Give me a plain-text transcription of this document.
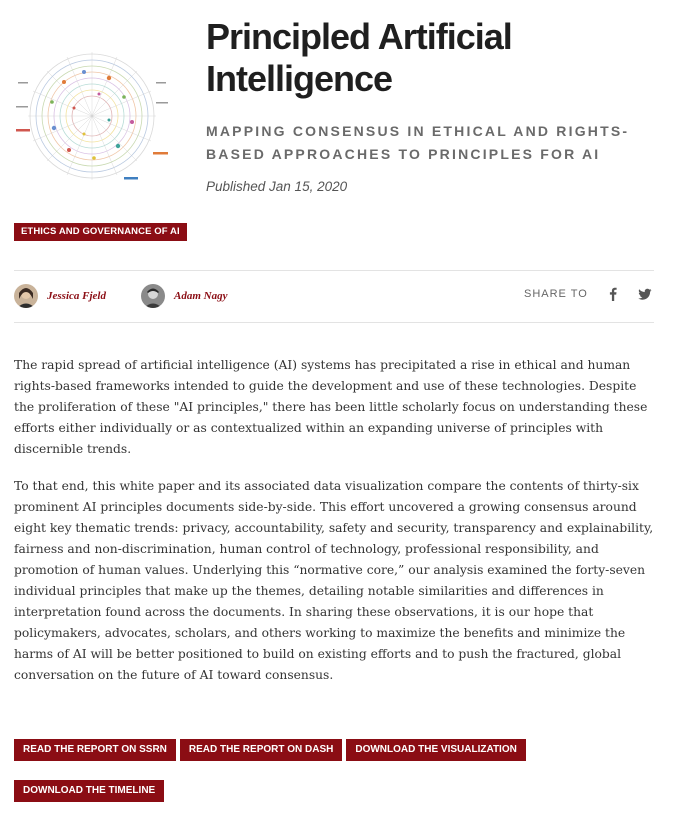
Principled Artificial Intelligence
MAPPING CONSENSUS IN ETHICAL AND RIGHTS-BASED APPROACHES TO PRINCIPLES FOR AI
Published Jan 15, 2020
ETHICS AND GOVERNANCE OF AI
Jessica Fjeld	Adam Nagy	SHARE TO

The rapid spread of artificial intelligence (AI) systems has precipitated a rise in ethical and human rights-based frameworks intended to guide the development and use of these technologies. Despite the proliferation of these "AI principles," there has been little scholarly focus on understanding these efforts either individually or as contextualized within an expanding universe of principles with discernible trends.

To that end, this white paper and its associated data visualization compare the contents of thirty-six prominent AI principles documents side-by-side. This effort uncovered a growing consensus around eight key thematic trends: privacy, accountability, safety and security, transparency and explainability, fairness and non-discrimination, human control of technology, professional responsibility, and promotion of human values. Underlying this “normative core,” our analysis examined the forty-seven individual principles that make up the themes, detailing notable similarities and differences in interpretation found across the documents. In sharing these observations, it is our hope that policymakers, advocates, scholars, and others working to maximize the benefits and minimize the harms of AI will be better positioned to build on existing efforts and to push the fractured, global conversation on the future of AI toward consensus.

READ THE REPORT ON SSRN	READ THE REPORT ON DASH	DOWNLOAD THE VISUALIZATION
DOWNLOAD THE TIMELINE
